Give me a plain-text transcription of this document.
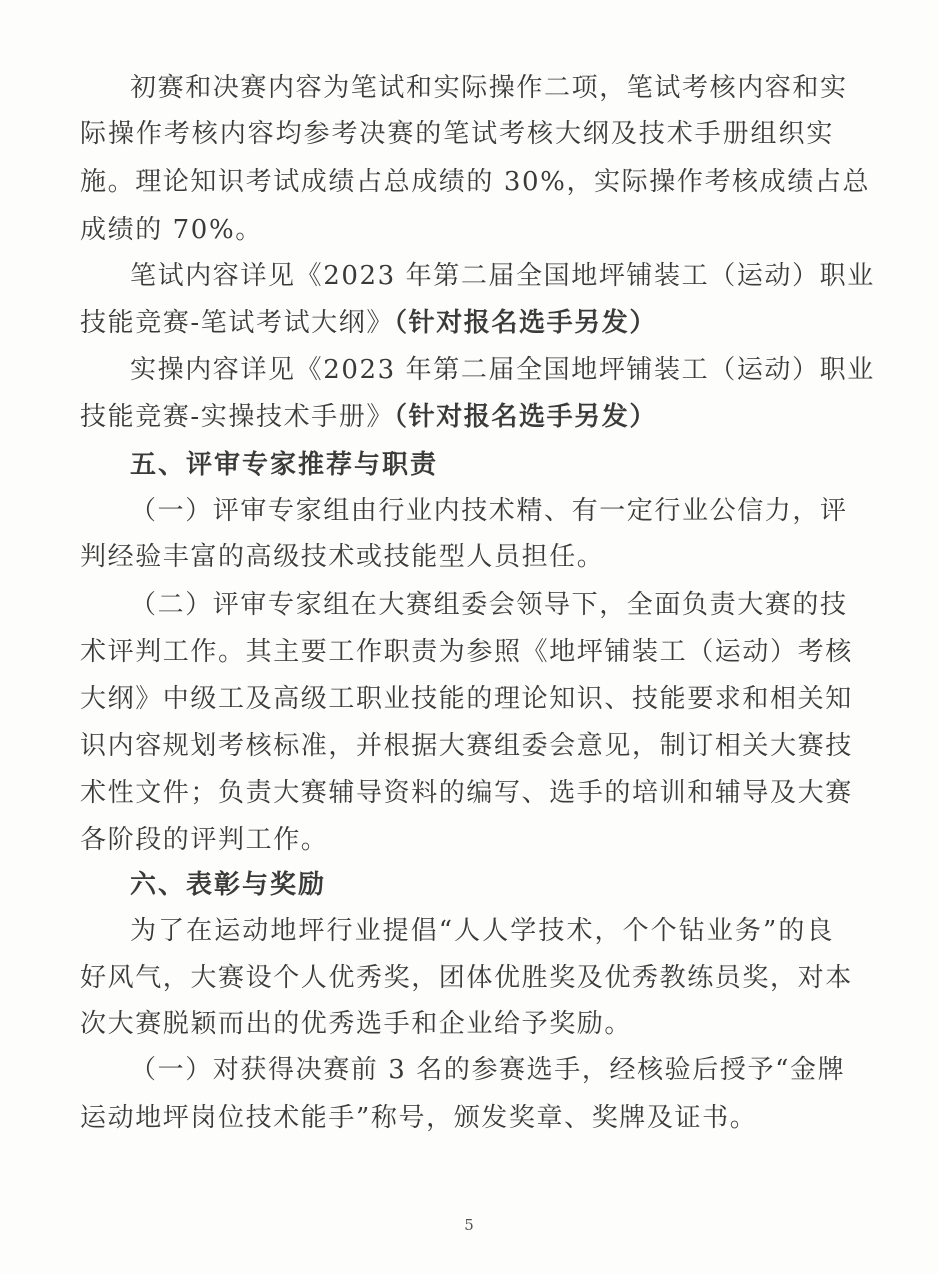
初赛和决赛内容为笔试和实际操作二项，笔试考核内容和实
际操作考核内容均参考决赛的笔试考核大纲及技术手册组织实
施。理论知识考试成绩占总成绩的 30%，实际操作考核成绩占总
成绩的 70%。
笔试内容详见《2023 年第二届全国地坪铺装工（运动）职业
技能竞赛-笔试考试大纲》（针对报名选手另发）
实操内容详见《2023 年第二届全国地坪铺装工（运动）职业
技能竞赛-实操技术手册》（针对报名选手另发）
五、评审专家推荐与职责
（一）评审专家组由行业内技术精、有一定行业公信力，评
判经验丰富的高级技术或技能型人员担任。
（二）评审专家组在大赛组委会领导下，全面负责大赛的技
术评判工作。其主要工作职责为参照《地坪铺装工（运动）考核
大纲》中级工及高级工职业技能的理论知识、技能要求和相关知
识内容规划考核标准，并根据大赛组委会意见，制订相关大赛技
术性文件；负责大赛辅导资料的编写、选手的培训和辅导及大赛
各阶段的评判工作。
六、表彰与奖励
为了在运动地坪行业提倡“人人学技术，个个钻业务”的良
好风气，大赛设个人优秀奖，团体优胜奖及优秀教练员奖，对本
次大赛脱颖而出的优秀选手和企业给予奖励。
（一）对获得决赛前 3 名的参赛选手，经核验后授予“金牌
运动地坪岗位技术能手”称号，颁发奖章、奖牌及证书。
5
